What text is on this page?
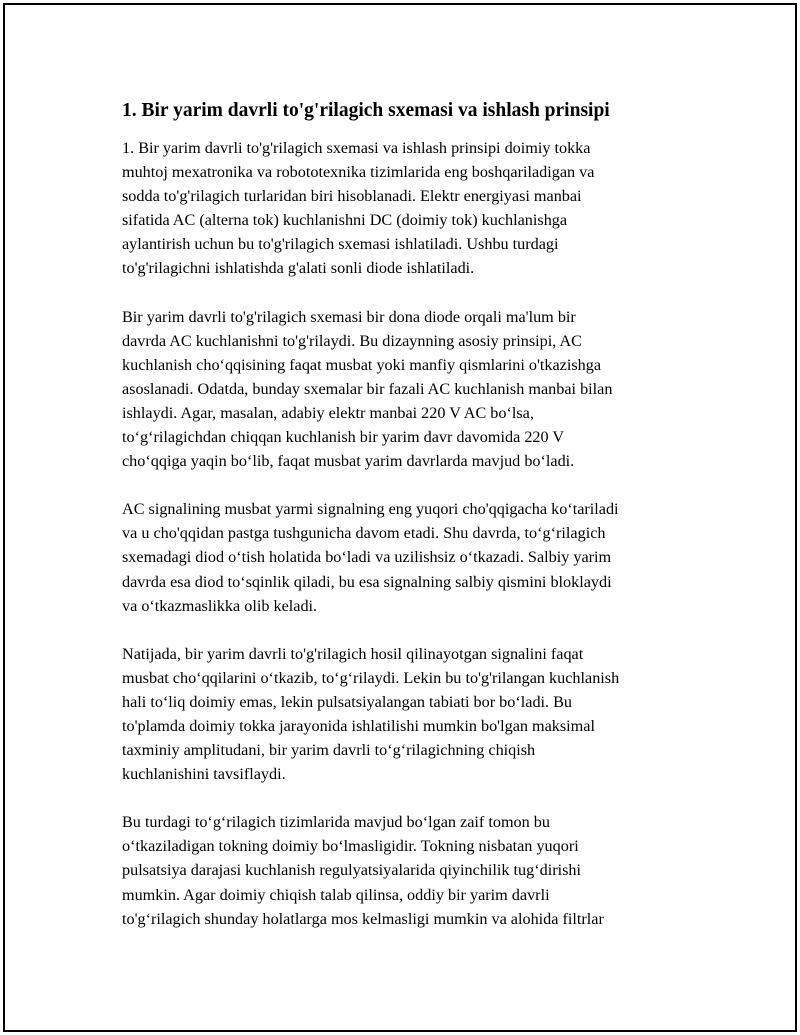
1. Bir yarim davrli to'g'rilagich sxemasi va ishlash prinsipi

1. Bir yarim davrli to'g'rilagich sxemasi va ishlash prinsipi doimiy tokka
muhtoj mexatronika va robototexnika tizimlarida eng boshqariladigan va
sodda to'g'rilagich turlaridan biri hisoblanadi. Elektr energiyasi manbai
sifatida AC (alterna tok) kuchlanishni DC (doimiy tok) kuchlanishga
aylantirish uchun bu to'g'rilagich sxemasi ishlatiladi. Ushbu turdagi
to'g'rilagichni ishlatishda g'alati sonli diode ishlatiladi.

Bir yarim davrli to'g'rilagich sxemasi bir dona diode orqali ma'lum bir
davrda AC kuchlanishni to'g'rilaydi. Bu dizaynning asosiy prinsipi, AC
kuchlanish cho‘qqisining faqat musbat yoki manfiy qismlarini o'tkazishga
asoslanadi. Odatda, bunday sxemalar bir fazali AC kuchlanish manbai bilan
ishlaydi. Agar, masalan, adabiy elektr manbai 220 V AC bo‘lsa,
to‘g‘rilagichdan chiqqan kuchlanish bir yarim davr davomida 220 V
cho‘qqiga yaqin bo‘lib, faqat musbat yarim davrlarda mavjud bo‘ladi.

AC signalining musbat yarmi signalning eng yuqori cho'qqigacha ko‘tariladi
va u cho'qqidan pastga tushgunicha davom etadi. Shu davrda, to‘g‘rilagich
sxemadagi diod o‘tish holatida bo‘ladi va uzilishsiz o‘tkazadi. Salbiy yarim
davrda esa diod to‘sqinlik qiladi, bu esa signalning salbiy qismini bloklaydi
va o‘tkazmaslikka olib keladi.

Natijada, bir yarim davrli to'g'rilagich hosil qilinayotgan signalini faqat
musbat cho‘qqilarini o‘tkazib, to‘g‘rilaydi. Lekin bu to'g'rilangan kuchlanish
hali to‘liq doimiy emas, lekin pulsatsiyalangan tabiati bor bo‘ladi. Bu
to'plamda doimiy tokka jarayonida ishlatilishi mumkin bo'lgan maksimal
taxminiy amplitudani, bir yarim davrli to‘g‘rilagichning chiqish
kuchlanishini tavsiflaydi.

Bu turdagi to‘g‘rilagich tizimlarida mavjud bo‘lgan zaif tomon bu
o‘tkaziladigan tokning doimiy bo‘lmasligidir. Tokning nisbatan yuqori
pulsatsiya darajasi kuchlanish regulyatsiyalarida qiyinchilik tug‘dirishi
mumkin. Agar doimiy chiqish talab qilinsa, oddiy bir yarim davrli
to'g‘rilagich shunday holatlarga mos kelmasligi mumkin va alohida filtrlar
